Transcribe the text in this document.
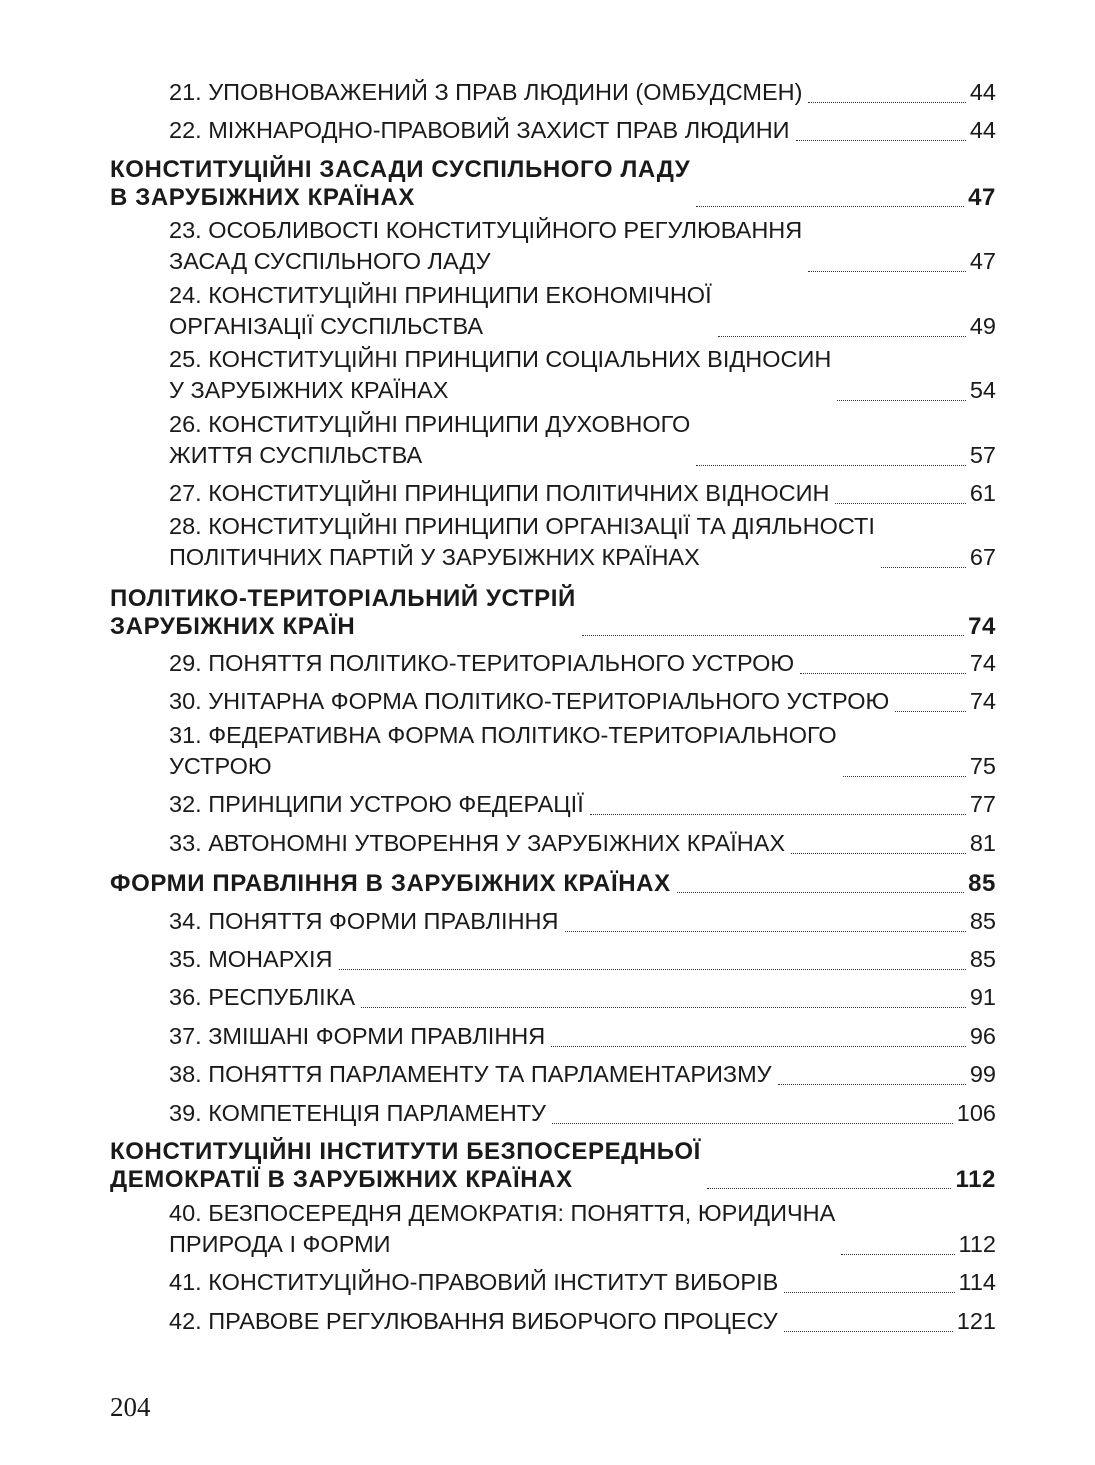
21. УПОВНОВАЖЕНИЙ З ПРАВ ЛЮДИНИ (ОМБУДСМЕН)	44
22. МІЖНАРОДНО-ПРАВОВИЙ ЗАХИСТ ПРАВ ЛЮДИНИ	44
КОНСТИТУЦІЙНІ ЗАСАДИ СУСПІЛЬНОГО ЛАДУ
В ЗАРУБІЖНИХ КРАЇНАХ	47
23. ОСОБЛИВОСТІ КОНСТИТУЦІЙНОГО РЕГУЛЮВАННЯ
ЗАСАД СУСПІЛЬНОГО ЛАДУ	47
24. КОНСТИТУЦІЙНІ ПРИНЦИПИ ЕКОНОМІЧНОЇ
ОРГАНІЗАЦІЇ СУСПІЛЬСТВА	49
25. КОНСТИТУЦІЙНІ ПРИНЦИПИ СОЦІАЛЬНИХ ВІДНОСИН
У ЗАРУБІЖНИХ КРАЇНАХ	54
26. КОНСТИТУЦІЙНІ ПРИНЦИПИ ДУХОВНОГО
ЖИТТЯ СУСПІЛЬСТВА	57
27. КОНСТИТУЦІЙНІ ПРИНЦИПИ ПОЛІТИЧНИХ ВІДНОСИН	61
28. КОНСТИТУЦІЙНІ ПРИНЦИПИ ОРГАНІЗАЦІЇ ТА ДІЯЛЬНОСТІ
ПОЛІТИЧНИХ ПАРТІЙ У ЗАРУБІЖНИХ КРАЇНАХ	67
ПОЛІТИКО-ТЕРИТОРІАЛЬНИЙ УСТРІЙ
ЗАРУБІЖНИХ КРАЇН	74
29. ПОНЯТТЯ ПОЛІТИКО-ТЕРИТОРІАЛЬНОГО УСТРОЮ	74
30. УНІТАРНА ФОРМА ПОЛІТИКО-ТЕРИТОРІАЛЬНОГО УСТРОЮ	74
31. ФЕДЕРАТИВНА ФОРМА ПОЛІТИКО-ТЕРИТОРІАЛЬНОГО
УСТРОЮ	75
32. ПРИНЦИПИ УСТРОЮ ФЕДЕРАЦІЇ	77
33. АВТОНОМНІ УТВОРЕННЯ У ЗАРУБІЖНИХ КРАЇНАХ	81
ФОРМИ ПРАВЛІННЯ В ЗАРУБІЖНИХ КРАЇНАХ	85
34. ПОНЯТТЯ ФОРМИ ПРАВЛІННЯ	85
35. МОНАРХІЯ	85
36. РЕСПУБЛІКА	91
37. ЗМІШАНІ ФОРМИ ПРАВЛІННЯ	96
38. ПОНЯТТЯ ПАРЛАМЕНТУ ТА ПАРЛАМЕНТАРИЗМУ	99
39. КОМПЕТЕНЦІЯ ПАРЛАМЕНТУ	106
КОНСТИТУЦІЙНІ ІНСТИТУТИ БЕЗПОСЕРЕДНЬОЇ
ДЕМОКРАТІЇ В ЗАРУБІЖНИХ КРАЇНАХ	112
40. БЕЗПОСЕРЕДНЯ ДЕМОКРАТІЯ: ПОНЯТТЯ, ЮРИДИЧНА
ПРИРОДА І ФОРМИ	112
41. КОНСТИТУЦІЙНО-ПРАВОВИЙ ІНСТИТУТ ВИБОРІВ	114
42. ПРАВОВЕ РЕГУЛЮВАННЯ ВИБОРЧОГО ПРОЦЕСУ	121
204
